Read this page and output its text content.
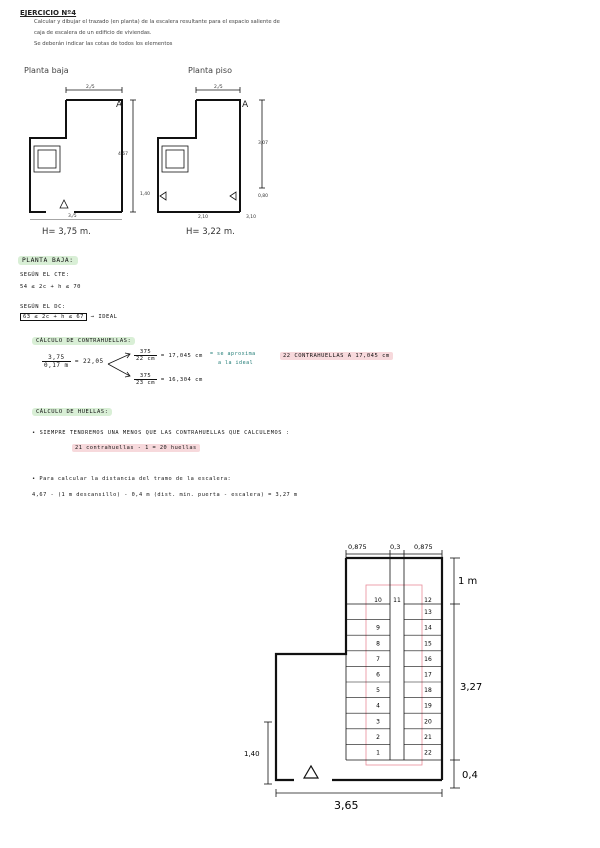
EJERCICIO Nº4
Calcular y dibujar el trazado (en planta) de la escalera resultante para el espacio saliente de
caja de escalera de un edificio de viviendas.
Se deberán indicar las cotas de todos los elementos
Planta baja	Planta piso
2,/5
4,67
3,/5
A
H= 3,75 m.
2,/5
3,07
1,40	0,80
2,10	3,10
A
H= 3,22 m.
PLANTA BAJA:
SEGÚN EL CTE:
54 ≤ 2c + h ≤ 70
SEGÚN EL DC:
63 ≤ 2c + h ≤ 67 → IDEAL
CÁLCULO DE CONTRAHUELLAS:
$\frac{3,75}{0,17 m} = 22,05$	$\frac{375}{22 cm} = 17,045$ cm = se aproxima
a la ideal
22 CONTRAHUELLAS A 17,045 cm
$\frac{375}{23 cm} = 16,304$ cm
CÁLCULO DE HUELLAS:
• SIEMPRE TENDREMOS UNA MENOS QUE LAS CONTRAHUELLAS QUE CALCULEMOS :
21 contrahuellas - 1 = 20 huellas
• Para calcular la distancia del tramo de la escalera:
4,67 - (1 m descansillo) - 0,4 m (dist. min. puerta - escalera) = 3,27 m
10
9
8
7
6
5
4
3
2
1
11	12
13
14
15
16
17
18
19
20
21
22
0,875	0,3 0,875
1 m
3,27
0,4
1,40
3,65
